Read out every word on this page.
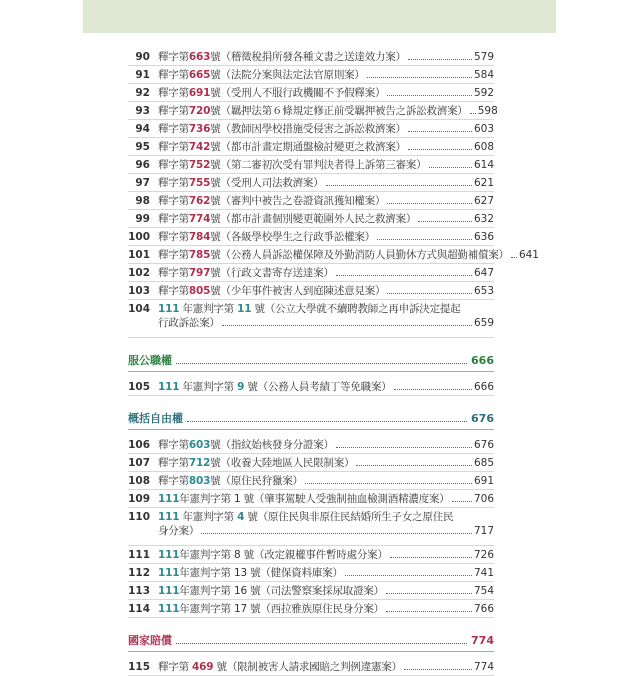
90 釋字第663號（稽徵稅捐所發各種文書之送達效力案）	579
91 釋字第665號（法院分案與法定法官原則案）	584
92 釋字第691號（受刑人不服行政機關不予假釋案）	592
93 釋字第720號（羈押法第６條規定修正前受羈押被告之訴訟救濟案） 598
94 釋字第736號（教師因學校措施受侵害之訴訟救濟案）	603
95 釋字第742號（都市計畫定期通盤檢討變更之救濟案）	608
96 釋字第752號（第二審初次受有罪判決者得上訴第三審案）	614
97 釋字第755號（受刑人司法救濟案）	621
98 釋字第762號（審判中被告之卷證資訊獲知權案）	627
99 釋字第774號（都市計畫個別變更範圍外人民之救濟案）	632
100 釋字第784號（各級學校學生之行政爭訟權案）	636
101 釋字第785號（公務人員訴訟權保障及外勤消防人員勤休方式與超勤補償案） 641
102 釋字第797號（行政文書寄存送達案）	647
103 釋字第805號（少年事件被害人到庭陳述意見案）	653
104 111 年憲判字第 11 號（公立大學就不續聘教師之再申訴決定提起
行政訴訟案）	659
服公職權	666
105 111 年憲判字第 9 號（公務人員考績丁等免職案）	666
概括自由權	676
106 釋字第603號（指紋始核發身分證案）	676
107 釋字第712號（收養大陸地區人民限制案）	685
108 釋字第803號（原住民狩獵案）	691
109 111年憲判字第 1 號（肇事駕駛人受強制抽血檢測酒精濃度案） 706
110 111 年憲判字第 4 號（原住民與非原住民結婚所生子女之原住民
身分案）	717
111 111年憲判字第 8 號（改定親權事件暫時處分案）	726
112 111年憲判字第 13 號（健保資料庫案）	741
113 111年憲判字第 16 號（司法警察案採尿取證案）	754
114 111年憲判字第 17 號（西拉雅族原住民身分案）	766
國家賠償	774
115 釋字第 469 號（限制被害人請求國賠之判例違憲案）	774
